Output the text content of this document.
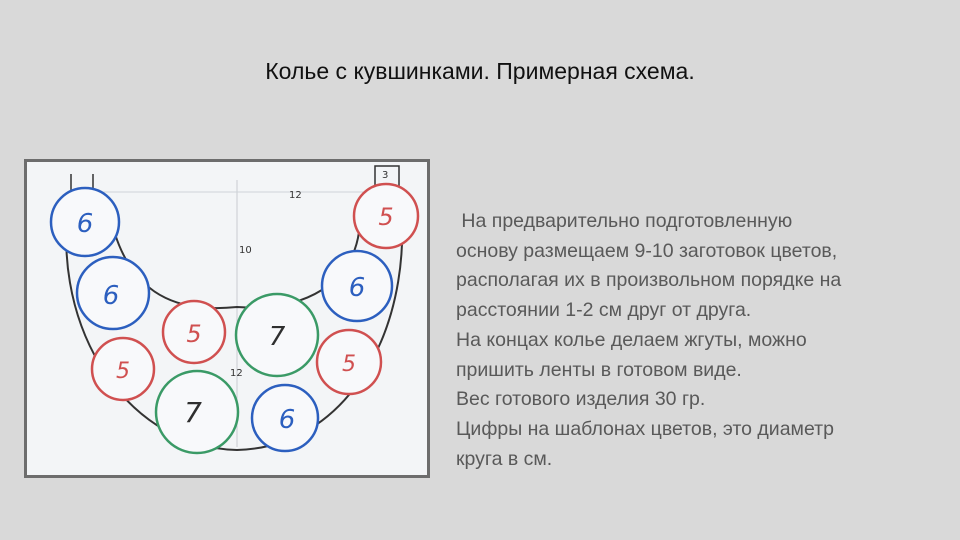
Колье с кувшинками. Примерная схема.
12
10
12
3
6
6
5
5
7
7
6
6
5
5

На предварительно подготовленную

основу размещаем 9-10 заготовок цветов,

располагая их в произвольном порядке на

расстоянии 1-2 см друг от друга.

На концах колье делаем жгуты, можно

пришить ленты в готовом виде.

Вес готового изделия 30 гр.

Цифры на шаблонах цветов, это диаметр

круга в см.
